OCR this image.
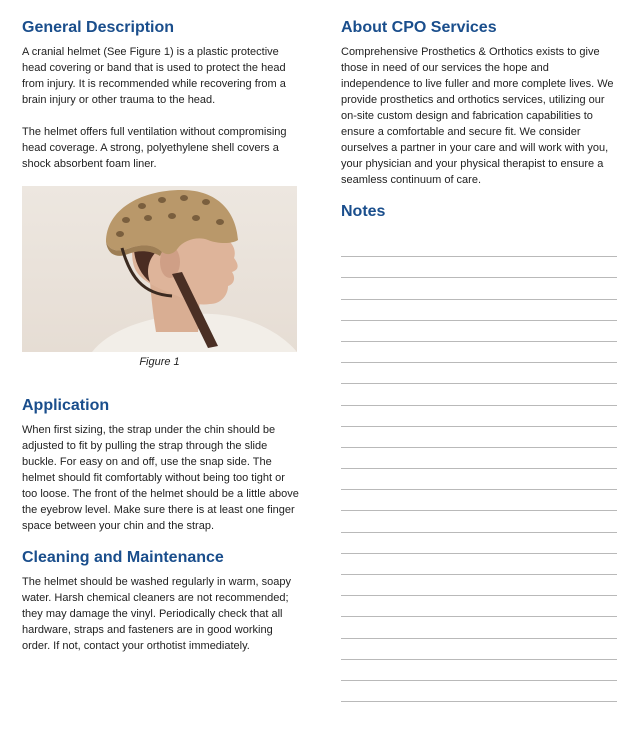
General Description

A cranial helmet (See Figure 1) is a plastic protective head covering or band that is used to protect the head from injury. It is recommended while recovering from a brain injury or other trauma to the head.

The helmet offers full ventilation without compromising head coverage. A strong, polyethylene shell covers a shock absorbent foam liner.

Figure 1
Application

When first sizing, the strap under the chin should be adjusted to fit by pulling the strap through the slide buckle. For easy on and off, use the snap side. The helmet should fit comfortably without being too tight or too loose. The front of the helmet should be a little above the eyebrow level. Make sure there is at least one finger space between your chin and the strap.

Cleaning and Maintenance

The helmet should be washed regularly in warm, soapy water. Harsh chemical cleaners are not recommended; they may damage the vinyl. Periodically check that all hardware, straps and fasteners are in good working order. If not, contact your orthotist immediately.

About CPO Services

Comprehensive Prosthetics & Orthotics exists to give those in need of our services the hope and independence to live fuller and more complete lives. We provide prosthetics and orthotics services, utilizing our on-site custom design and fabrication capabilities to ensure a comfortable and secure fit. We consider ourselves a partner in your care and will work with you, your physician and your physical therapist to ensure a seamless continuum of care.

Notes
